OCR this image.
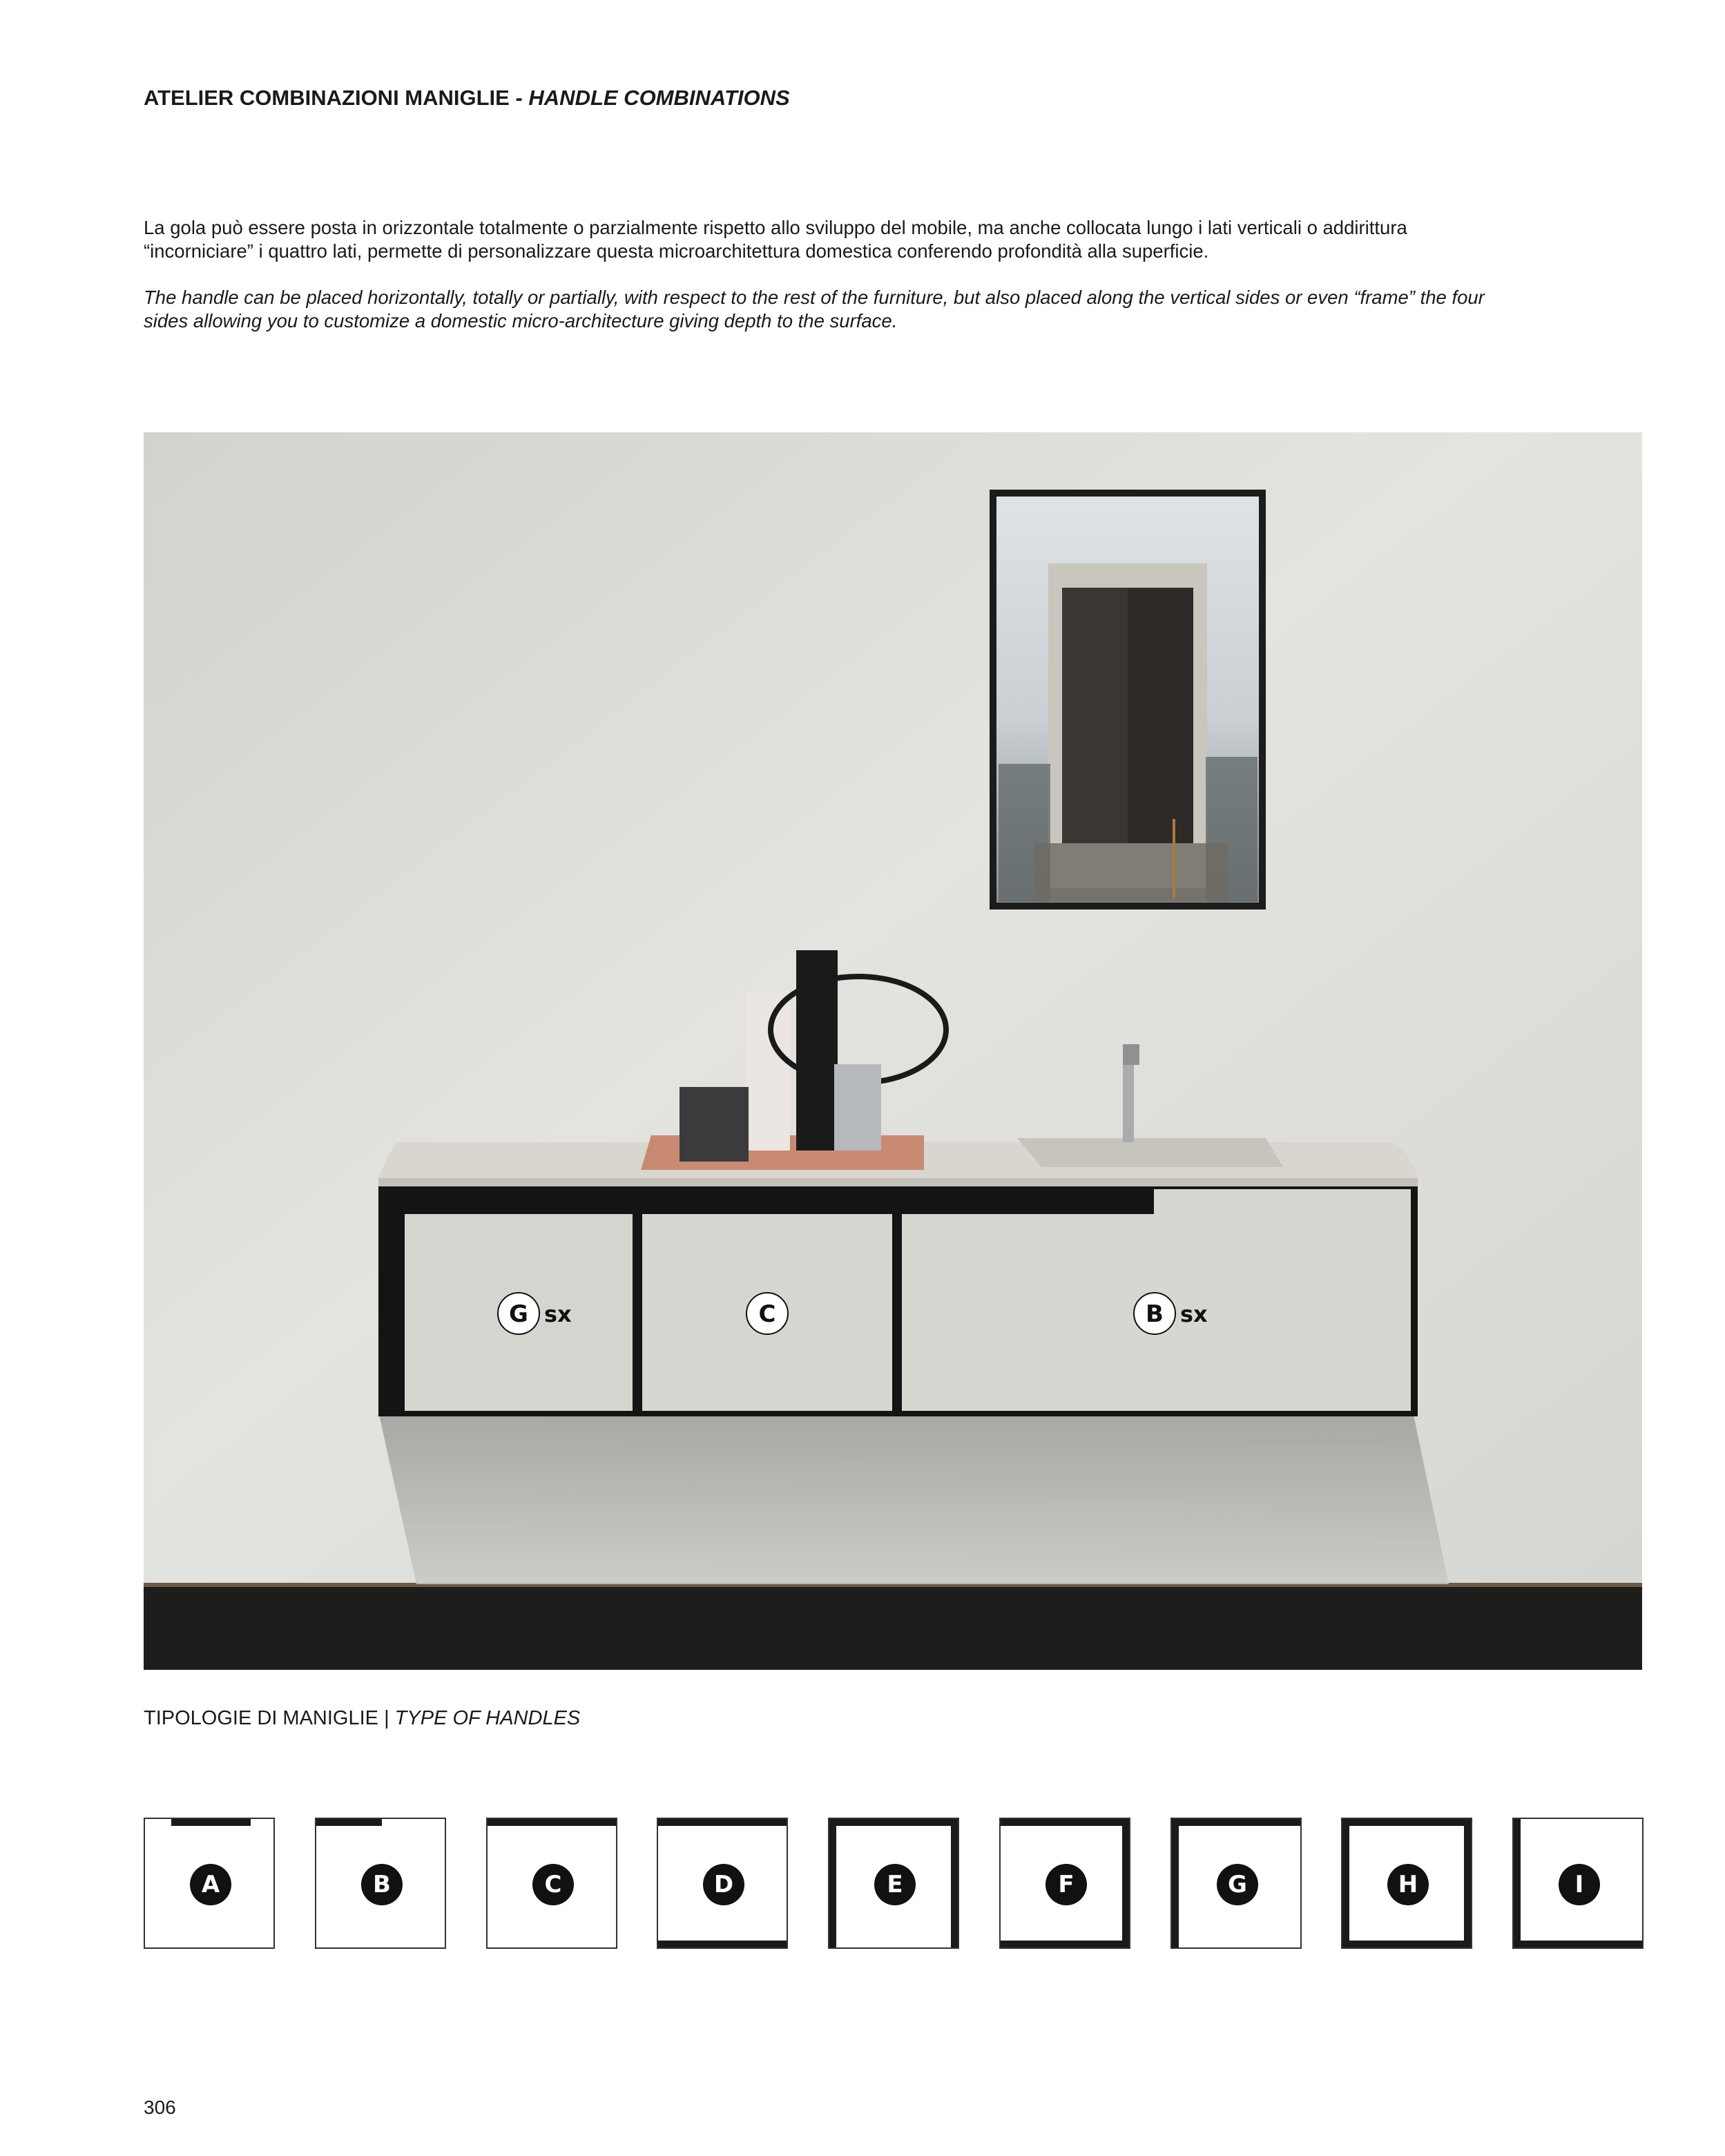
ATELIER COMBINAZIONI MANIGLIE - HANDLE COMBINATIONS

La gola può essere posta in orizzontale totalmente o parzialmente rispetto allo sviluppo del mobile, ma anche collocata lungo i lati verticali o addirittura
“incorniciare” i quattro lati, permette di personalizzare questa microarchitettura domestica conferendo profondità alla superficie.

The handle can be placed horizontally, totally or partially, with respect to the rest of the furniture, but also placed along the vertical sides or even “frame” the four
sides allowing you to customize a domestic micro-architecture giving depth to the surface.

G sx	C	B sx

TIPOLOGIE DI MANIGLIE | TYPE OF HANDLES

A	B	C	D	E	F	G	H	I

306
